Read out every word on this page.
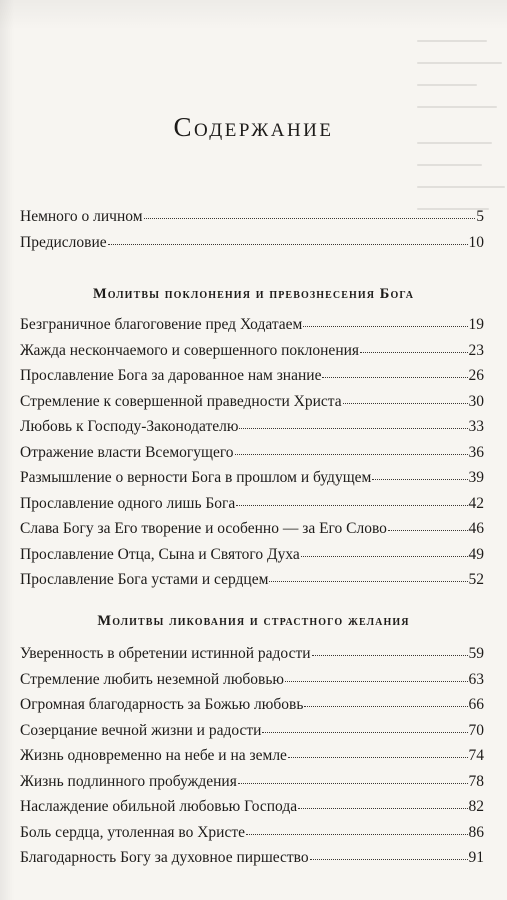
Содержание
Немного о личном	5
Предисловие	10
Молитвы поклонения и превознесения Бога
Безграничное благоговение пред Ходатаем	19
Жажда нескончаемого и совершенного поклонения	23
Прославление Бога за дарованное нам знание	26
Стремление к совершенной праведности Христа	30
Любовь к Господу-Законодателю	33
Отражение власти Всемогущего	36
Размышление о верности Бога в прошлом и будущем	39
Прославление одного лишь Бога	42
Слава Богу за Его творение и особенно — за Его Слово	46
Прославление Отца, Сына и Святого Духа	49
Прославление Бога устами и сердцем	52
Молитвы ликования и страстного желания
Уверенность в обретении истинной радости	59
Стремление любить неземной любовью	63
Огромная благодарность за Божью любовь	66
Созерцание вечной жизни и радости	70
Жизнь одновременно на небе и на земле	74
Жизнь подлинного пробуждения	78
Наслаждение обильной любовью Господа	82
Боль сердца, утоленная во Христе	86
Благодарность Богу за духовное пиршество	91
